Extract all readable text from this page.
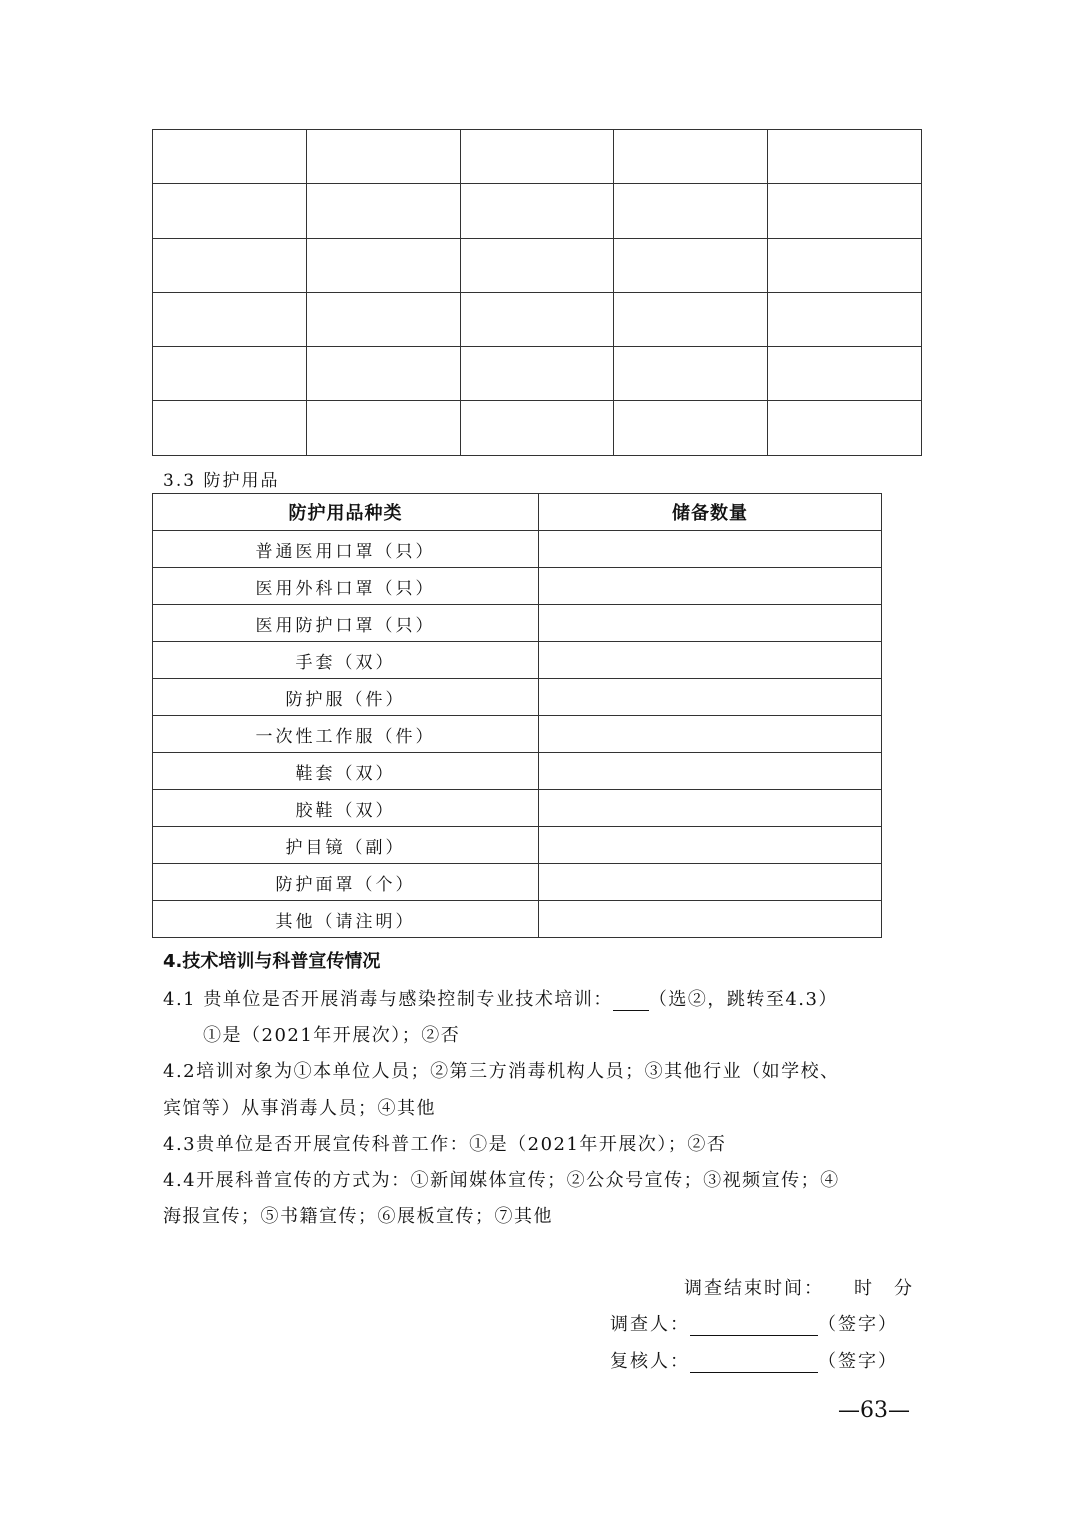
3.3 防护用品
防护用品种类	储备数量
普通医用口罩（只）	
医用外科口罩（只）	
医用防护口罩（只）	
手套（双）	
防护服（件）	
一次性工作服（件）	
鞋套（双）	
胶鞋（双）	
护目镜（副）	
防护面罩（个）	
其他（请注明）	
4.技术培训与科普宣传情况
4.1 贵单位是否开展消毒与感染控制专业技术培训： （选②，跳转至4.3）
①是（2021年开展次）；②否
4.2培训对象为①本单位人员；②第三方消毒机构人员；③其他行业（如学校、
宾馆等）从事消毒人员；④其他
4.3贵单位是否开展宣传科普工作：①是（2021年开展次）；②否
4.4开展科普宣传的方式为：①新闻媒体宣传；②公众号宣传；③视频宣传；④
海报宣传；⑤书籍宣传；⑥展板宣传；⑦其他
调查结束时间： 时 分
调查人：	（签字）
复核人：	（签字）
—63—
